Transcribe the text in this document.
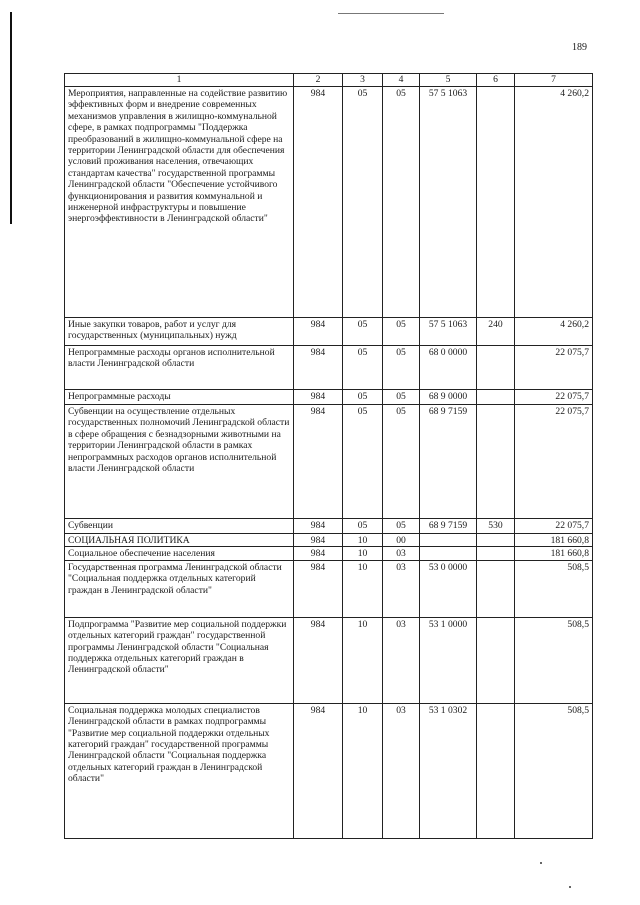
189
1	2	3	4	5	6	7
Мероприятия, направленные на содействие развитию эффективных форм и внедрение современных механизмов управления в жилищно-коммунальной сфере, в рамках подпрограммы "Поддержка преобразований в жилищно-коммунальной сфере на территории Ленинградской области для обеспечения условий проживания населения, отвечающих стандартам качества" государственной программы Ленинградской области "Обеспечение устойчивого функционирования и развития коммунальной и инженерной инфраструктуры и повышение энергоэффективности в Ленинградской области"	984	05	05	57 5 1063		4 260,2
Иные закупки товаров, работ и услуг для государственных (муниципальных) нужд	984	05	05	57 5 1063	240	4 260,2
Непрограммные расходы органов исполнительной власти Ленинградской области	984	05	05	68 0 0000		22 075,7
Непрограммные расходы	984	05	05	68 9 0000		22 075,7
Субвенции на осуществление отдельных государственных полномочий Ленинградской области в сфере обращения с безнадзорными животными на территории Ленинградской области в рамках непрограммных расходов органов исполнительной власти Ленинградской области	984	05	05	68 9 7159		22 075,7
Субвенции	984	05	05	68 9 7159	530	22 075,7
СОЦИАЛЬНАЯ ПОЛИТИКА	984	10	00			181 660,8
Социальное обеспечение населения	984	10	03			181 660,8
Государственная программа Ленинградской области "Социальная поддержка отдельных категорий граждан в Ленинградской области"	984	10	03	53 0 0000		508,5
Подпрограмма "Развитие мер социальной поддержки отдельных категорий граждан" государственной программы Ленинградской области "Социальная поддержка отдельных категорий граждан в Ленинградской области"	984	10	03	53 1 0000		508,5
Социальная поддержка молодых специалистов Ленинградской области в рамках подпрограммы "Развитие мер социальной поддержки отдельных категорий граждан" государственной программы Ленинградской области "Социальная поддержка отдельных категорий граждан в Ленинградской области"	984	10	03	53 1 0302		508,5
